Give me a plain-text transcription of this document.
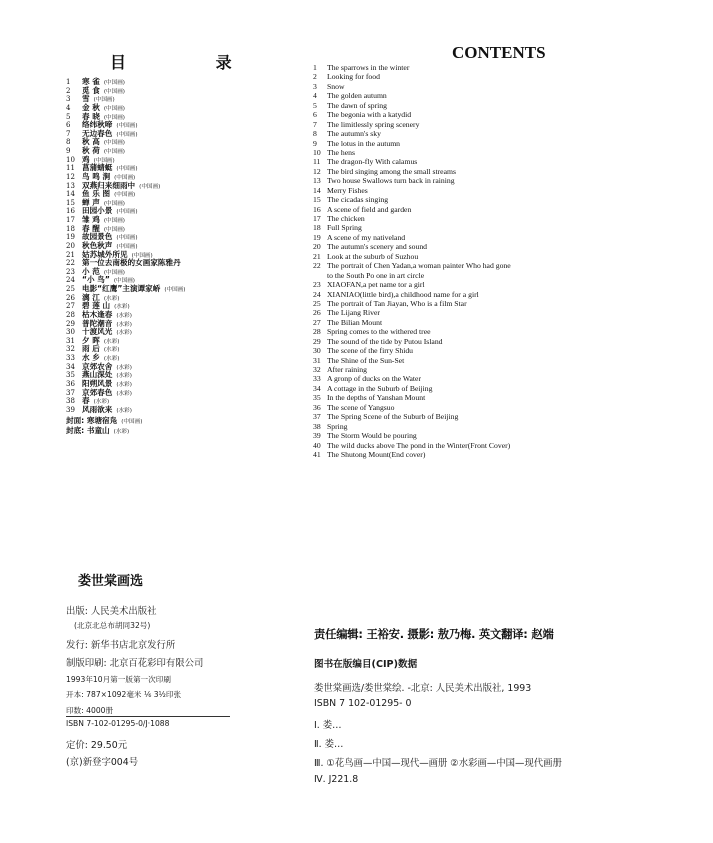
目 录
CONTENTS
1 寒 雀 (中国画)
2 觅 食 (中国画)
3 雪 (中国画)
4 金 秋 (中国画)
5 春 晓 (中国画)
6 络纬秋啼 (中国画)
7 无边春色 (中国画)
8 秋 高 (中国画)
9 秋 荷 (中国画)
10 鸡 (中国画)
11 菖蒲蜻蜓 (中国画)
12 鸟 鸣 涧 (中国画)
13 双燕归来细雨中 (中国画)
14 鱼 乐 图 (中国画)
15 蝉 声 (中国画)
16 田园小景 (中国画)
17 雏 鸡 (中国画)
18 春 醒 (中国画)
19 故园景色 (中国画)
20 秋色秋声 (中国画)
21 姑苏城外所见 (中国画)
22 第一位去南极的女画家陈雅丹
23 小 范 (中国画)
24 “小 鸟” (中国画)
25 电影“红鹰”主演谭家峤 (中国画)
26 漓 江 (水彩)
27 碧 莲 山 (水彩)
28 枯木逢春 (水彩)
29 普陀潮音 (水彩)
30 十渡风光 (水彩)
31 夕 晖 (水彩)
32 雨 后 (水彩)
33 水 乡 (水彩)
34 京郊农舍 (水彩)
35 燕山深处 (水彩)
36 阳朔风景 (水彩)
37 京郊春色 (水彩)
38 春 (水彩)
39 风雨欲来 (水彩)
封面: 寒塘宿凫 (中国画)
封底: 书童山 (水彩)
1 The sparrows in the winter
2 Looking for food
3 Snow
4 The golden autumn
5 The dawn of spring
6 The begonia with a katydid
7 The limitlessly spring scenery
8 The autumn's sky
9 The lotus in the autumn
10 The hens
11 The dragon-fly With calamus
12 The bird singing among the small streams
13 Two house Swallows turn back in raining
14 Merry Fishes
15 The cicadas singing
16 A scene of field and garden
17 The chicken
18 Full Spring
19 A scene of my nativeland
20 The autumn's scenery and sound
21 Look at the suburb of Suzhou
22 The portrait of Chen Yadan,a woman painter Who had gone
to the South Po one in art circle
23 XIAOFAN,a pet name tor a girl
24 XIANIAO(little bird),a childhood name for a girl
25 The portrait of Tan Jiayan, Who is a film Star
26 The Lijang River
27 The Bilian Mount
28 Spring comes to the withered tree
29 The sound of the tide by Putou Island
30 The scene of the firry Shidu
31 The Shine of the Sun-Set
32 After raining
33 A gronp of ducks on the Water
34 A cottage in the Suburb of Beijing
35 In the depths of Yanshan Mount
36 The scene of Yangsuo
37 The Spring Scene of the Suburb of Beijing
38 Spring
39 The Storm Would be pouring
40 The wild ducks above The pond in the Winter(Front Cover)
41 The Shutong Mount(End cover)
娄世棠画选
出版: 人民美术出版社
(北京北总布胡同32号)
发行: 新华书店北京发行所
制版印刷: 北京百花彩印有限公司
1993年10月第一版第一次印刷
开本: 787×1092毫米 ⅙ 3½印张
印数: 4000册
ISBN 7-102-01295-0/J·1088
定价: 29.50元
(京)新登字004号
责任编辑: 王裕安. 摄影: 敖乃梅. 英文翻译: 赵端
图书在版编目(CIP)数据
娄世棠画选/娄世棠绘. -北京: 人民美术出版社, 1993
ISBN 7 102-01295- 0
Ⅰ. 娄…
Ⅱ. 娄…
Ⅲ. ①花鸟画—中国—现代—画册 ②水彩画—中国—现代画册
Ⅳ. J221.8
